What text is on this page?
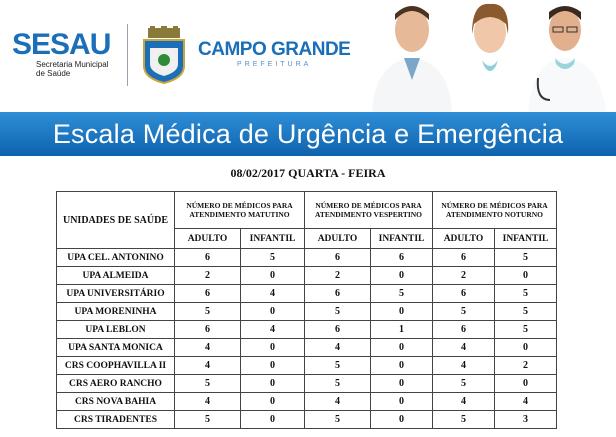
SESAU
Secretaria Municipal
de Saúde
CAMPO GRANDE
PREFEITURA
Escala Médica de Urgência e Emergência
08/02/2017 QUARTA - FEIRA
UNIDADES DE SAÚDE	NÚMERO DE MÉDICOS PARA ATENDIMENTO MATUTINO		NÚMERO DE MÉDICOS PARA ATENDIMENTO VESPERTINO		NÚMERO DE MÉDICOS PARA ATENDIMENTO NOTURNO	
	ADULTO	INFANTIL	ADULTO	INFANTIL	ADULTO	INFANTIL
UPA CEL. ANTONINO	6	5	6	6	6	5
UPA ALMEIDA	2	0	2	0	2	0
UPA UNIVERSITÁRIO	6	4	6	5	6	5
UPA MORENINHA	5	0	5	0	5	5
UPA LEBLON	6	4	6	1	6	5
UPA SANTA MONICA	4	0	4	0	4	0
CRS COOPHAVILLA II	4	0	5	0	4	2
CRS AERO RANCHO	5	0	5	0	5	0
CRS NOVA BAHIA	4	0	4	0	4	4
CRS TIRADENTES	5	0	5	0	5	3
